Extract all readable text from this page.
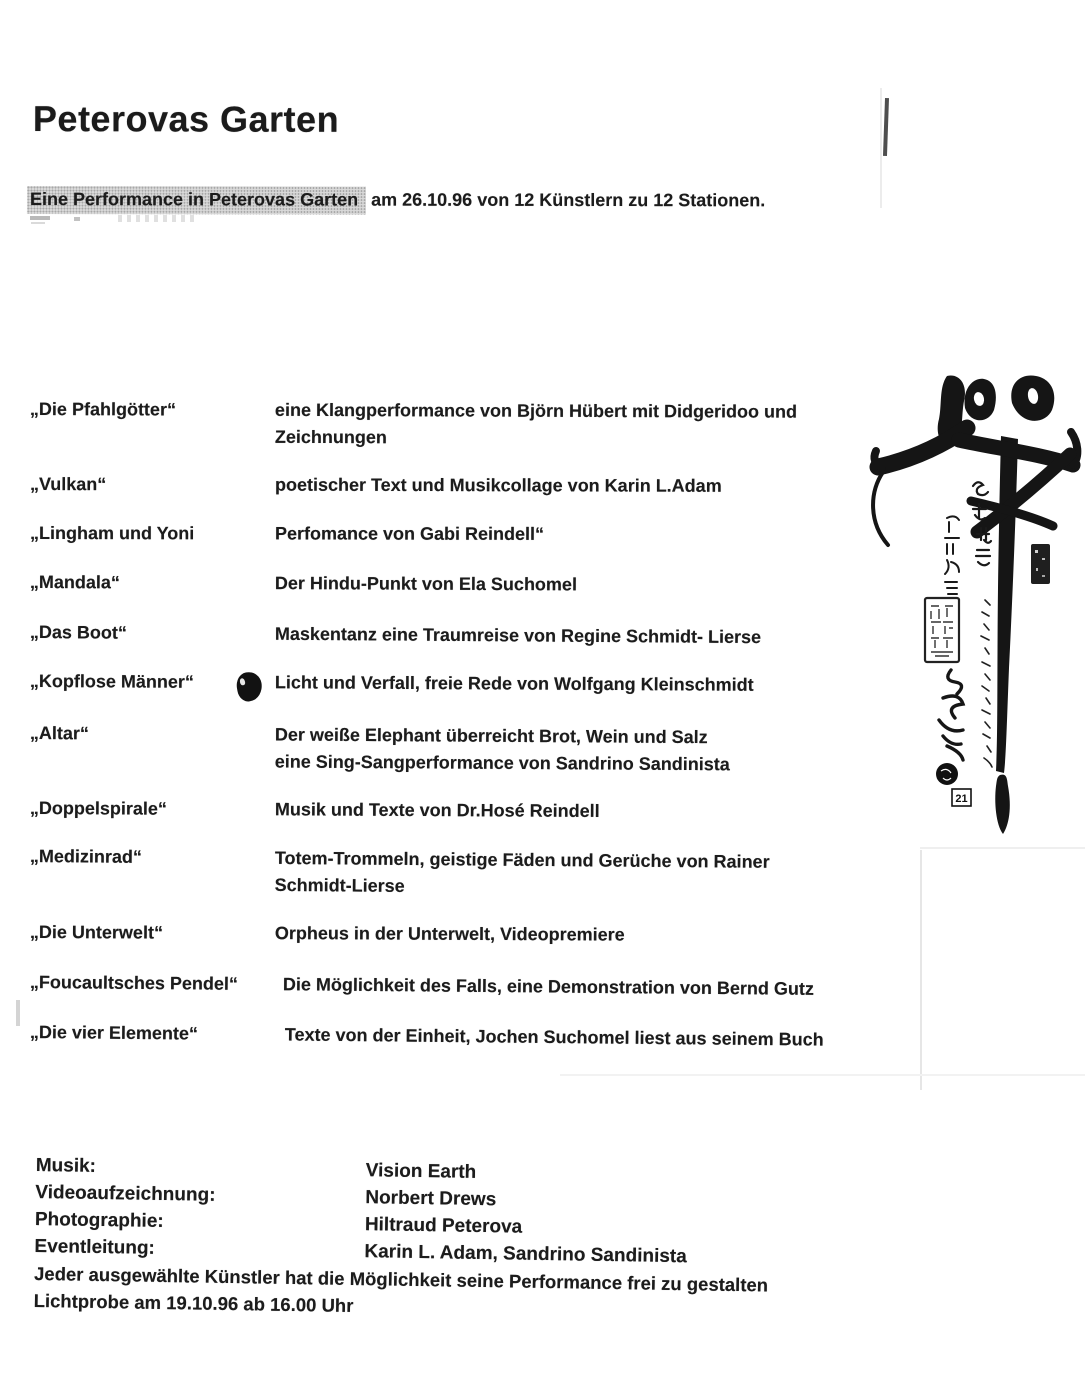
Peterovas Garten
Eine Performance in Peterovas Garten am 26.10.96 von 12 Künstlern zu 12 Stationen.
„Die Pfahlgötter“	eine Klangperformance von Björn Hübert mit Didgeridoo und
Zeichnungen
„Vulkan“	poetischer Text und Musikcollage von Karin L.Adam
„Lingham und Yoni	Perfomance von Gabi Reindell“
„Mandala“	Der Hindu-Punkt von Ela Suchomel
„Das Boot“	Maskentanz eine Traumreise von Regine Schmidt- Lierse
„Kopflose Männer“	Licht und Verfall, freie Rede von Wolfgang Kleinschmidt
„Altar“	Der weiße Elephant überreicht Brot, Wein und Salz
eine Sing-Sangperformance von Sandrino Sandinista
„Doppelspirale“	Musik und Texte von Dr.Hosé Reindell
„Medizinrad“	Totem-Trommeln, geistige Fäden und Gerüche von Rainer
Schmidt-Lierse
„Die Unterwelt“	Orpheus in der Unterwelt, Videopremiere
„Foucaultsches Pendel“ Die Möglichkeit des Falls, eine Demonstration von Bernd Gutz
„Die vier Elemente“	Texte von der Einheit, Jochen Suchomel liest aus seinem Buch
Musik:	Vision Earth
Videoaufzeichnung:	Norbert Drews
Photographie:	Hiltraud Peterova
Eventleitung:	Karin L. Adam, Sandrino Sandinista
Jeder ausgewählte Künstler hat die Möglichkeit seine Performance frei zu gestalten
Lichtprobe am 19.10.96 ab 16.00 Uhr
21
